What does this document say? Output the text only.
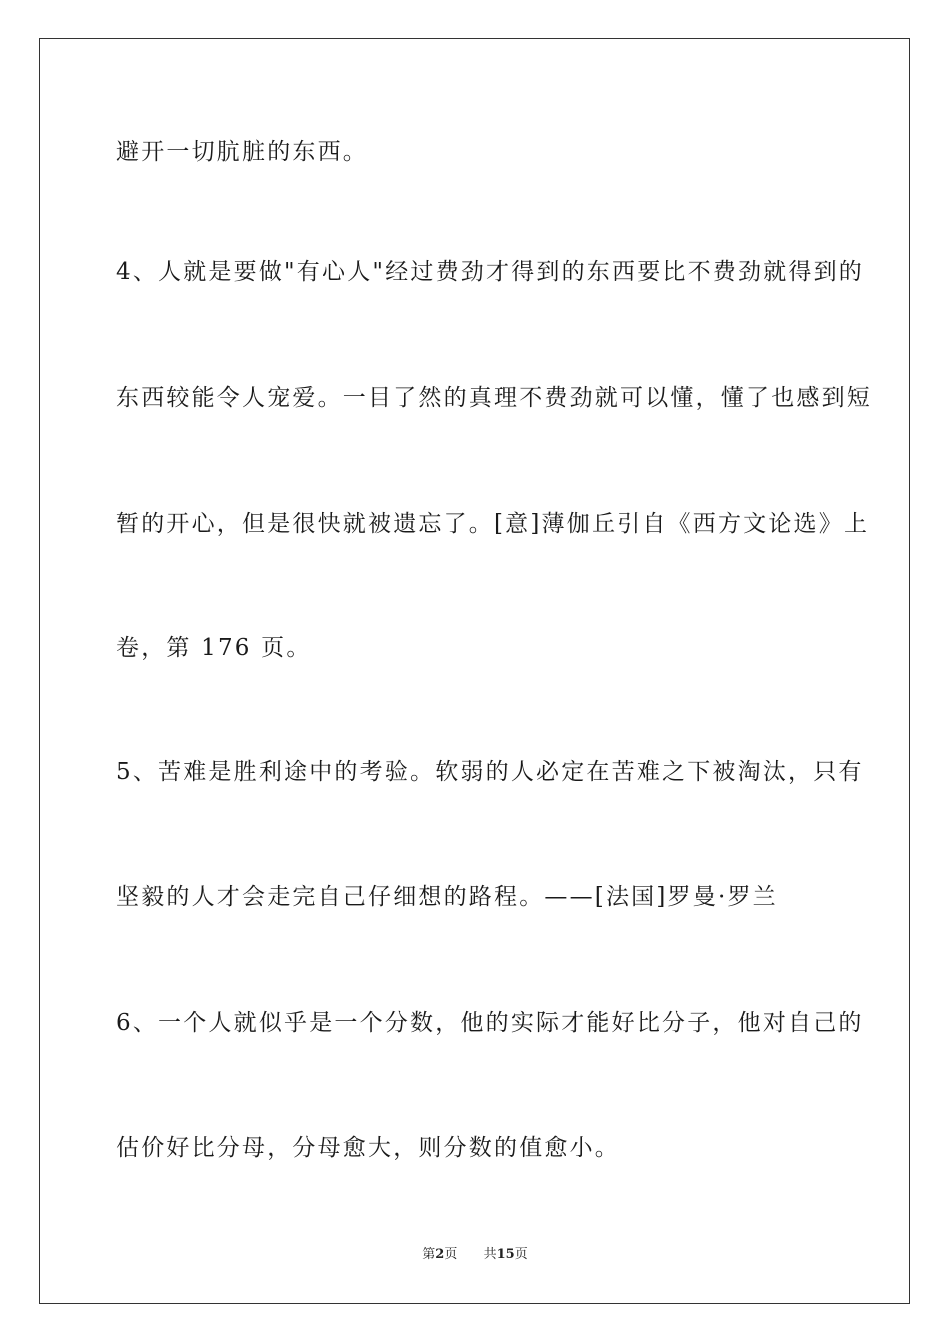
避开一切肮脏的东西。

4、人就是要做"有心人"经过费劲才得到的东西要比不费劲就得到的

东西较能令人宠爱。一目了然的真理不费劲就可以懂，懂了也感到短

暂的开心，但是很快就被遗忘了。[意]薄伽丘引自《西方文论选》上

卷，第 176 页。

5、苦难是胜利途中的考验。软弱的人必定在苦难之下被淘汰，只有

坚毅的人才会走完自己仔细想的路程。——[法国]罗曼·罗兰

6、一个人就似乎是一个分数，他的实际才能好比分子，他对自己的

估价好比分母，分母愈大，则分数的值愈小。

第2页 共15页
